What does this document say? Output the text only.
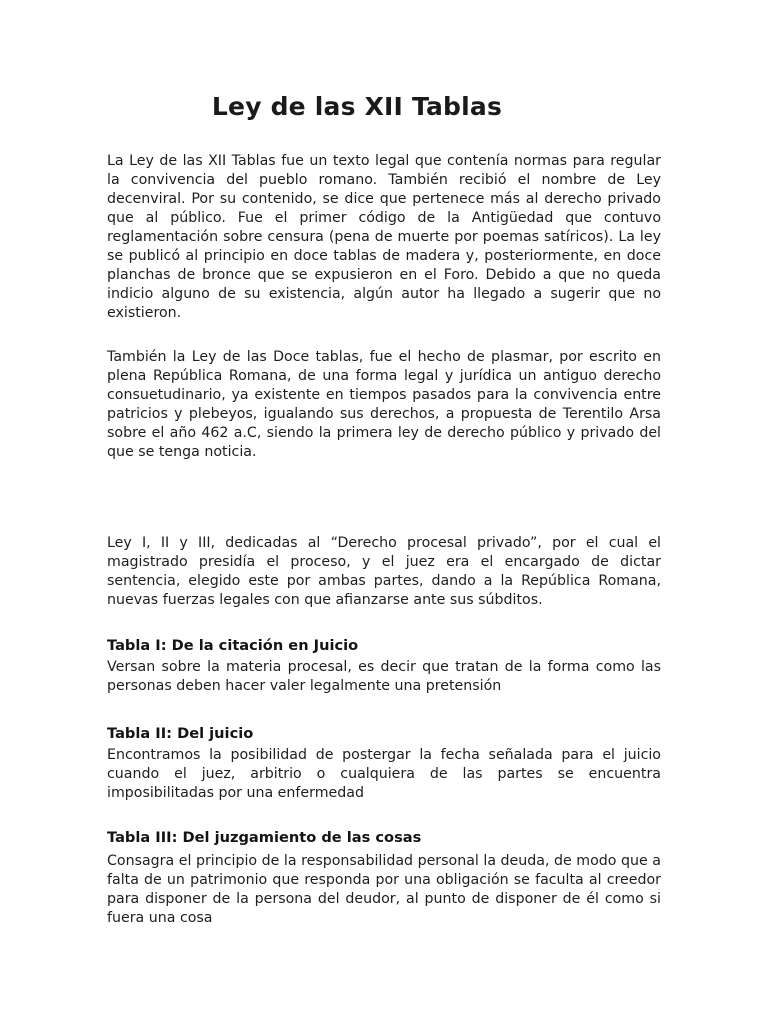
Ley de las XII Tablas

La Ley de las XII Tablas fue un texto legal que contenía normas para regular la convivencia del pueblo romano. También recibió el nombre de Ley decenviral. Por su contenido, se dice que pertenece más al derecho privado que al público. Fue el primer código de la Antigüedad que contuvo reglamentación sobre censura (pena de muerte por poemas satíricos). La ley se publicó al principio en doce tablas de madera y, posteriormente, en doce planchas de bronce que se expusieron en el Foro. Debido a que no queda indicio alguno de su existencia, algún autor ha llegado a sugerir que no existieron.

También la Ley de las Doce tablas, fue el hecho de plasmar, por escrito en plena República Romana, de una forma legal y jurídica un antiguo derecho consuetudinario, ya existente en tiempos pasados para la convivencia entre patricios y plebeyos, igualando sus derechos, a propuesta de Terentilo Arsa sobre el año 462 a.C, siendo la primera ley de derecho público y privado del que se tenga noticia.

Ley I, II y III, dedicadas al “Derecho procesal privado”, por el cual el magistrado presidía el proceso, y el juez era el encargado de dictar sentencia, elegido este por ambas partes, dando a la República Romana, nuevas fuerzas legales con que afianzarse ante sus súbditos.

Tabla I: De la citación en Juicio

Versan sobre la materia procesal, es decir que tratan de la forma como las personas deben hacer valer legalmente una pretensión

Tabla II: Del juicio

Encontramos la posibilidad de postergar la fecha señalada para el juicio cuando el juez, arbitrio o cualquiera de las partes se encuentra imposibilitadas por una enfermedad

Tabla III: Del juzgamiento de las cosas

Consagra el principio de la responsabilidad personal la deuda, de modo que a falta de un patrimonio que responda por una obligación se faculta al creedor para disponer de la persona del deudor, al punto de disponer de él como si fuera una cosa
